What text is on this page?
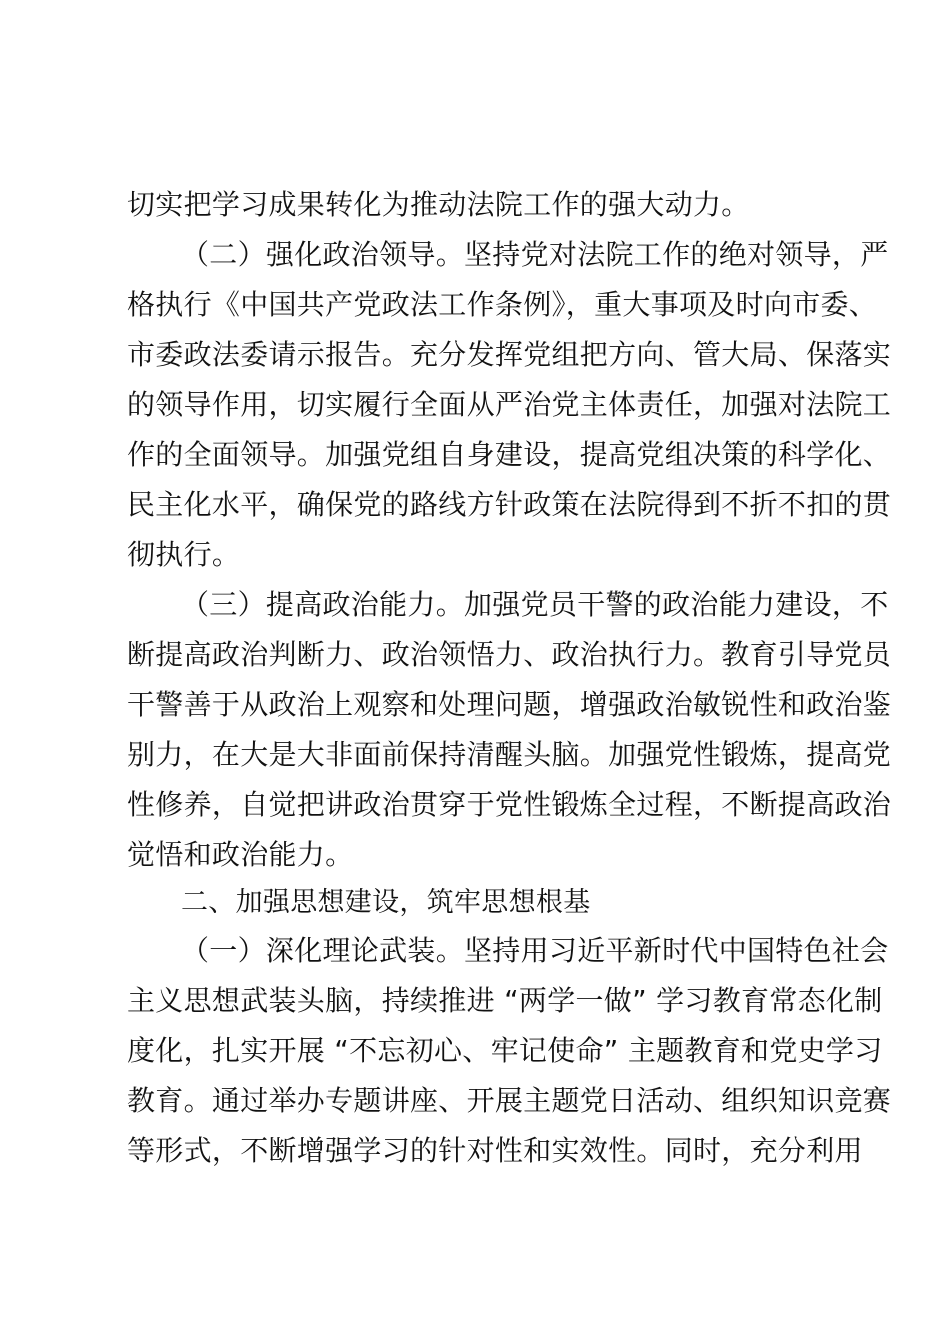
切实把学习成果转化为推动法院工作的强大动力。
（二）强化政治领导。坚持党对法院工作的绝对领导，严
格执行《中国共产党政法工作条例》，重大事项及时向市委、
市委政法委请示报告。充分发挥党组把方向、管大局、保落实
的领导作用，切实履行全面从严治党主体责任，加强对法院工
作的全面领导。加强党组自身建设，提高党组决策的科学化、
民主化水平，确保党的路线方针政策在法院得到不折不扣的贯
彻执行。
（三）提高政治能力。加强党员干警的政治能力建设，不
断提高政治判断力、政治领悟力、政治执行力。教育引导党员
干警善于从政治上观察和处理问题，增强政治敏锐性和政治鉴
别力，在大是大非面前保持清醒头脑。加强党性锻炼，提高党
性修养，自觉把讲政治贯穿于党性锻炼全过程，不断提高政治
觉悟和政治能力。
二、加强思想建设，筑牢思想根基
（一）深化理论武装。坚持用习近平新时代中国特色社会
主义思想武装头脑，持续推进 “两学一做” 学习教育常态化制
度化，扎实开展 “不忘初心、牢记使命” 主题教育和党史学习
教育。通过举办专题讲座、开展主题党日活动、组织知识竞赛
等形式，不断增强学习的针对性和实效性。同时，充分利用
